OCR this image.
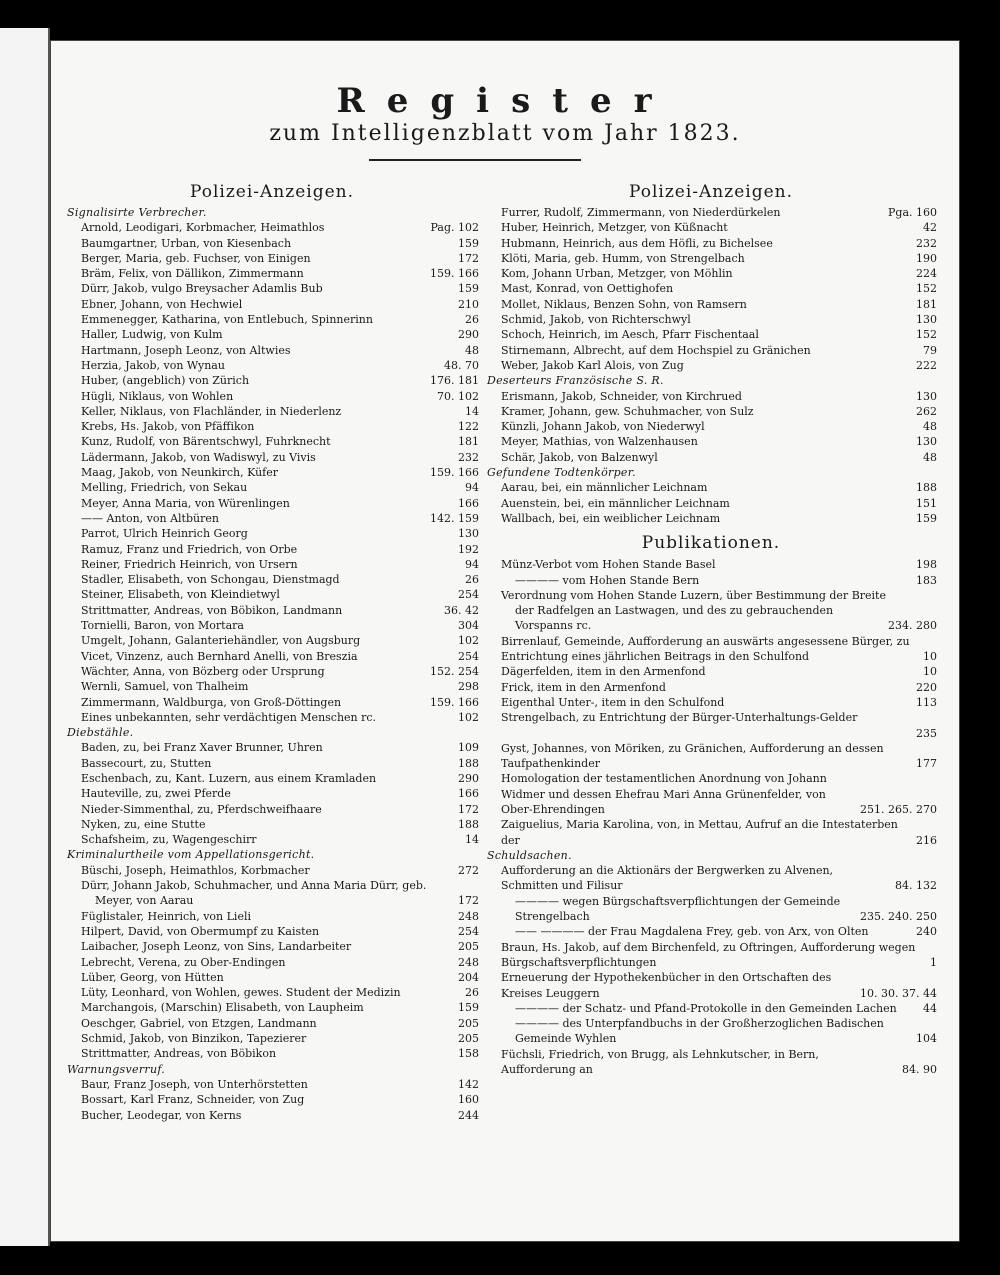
Register
zum Intelligenzblatt vom Jahr 1823.
Polizei-Anzeigen.
Signalisirte Verbrecher.
Arnold, Leodigari, Korbmacher, Heimathlos	Pag. 102
Baumgartner, Urban, von Kiesenbach	159
Berger, Maria, geb. Fuchser, von Einigen	172
Bräm, Felix, von Dällikon, Zimmermann	159. 166
Dürr, Jakob, vulgo Breysacher Adamlis Bub	159
Ebner, Johann, von Hechwiel	210
Emmenegger, Katharina, von Entlebuch, Spinnerinn	26
Haller, Ludwig, von Kulm	290
Hartmann, Joseph Leonz, von Altwies	48
Herzia, Jakob, von Wynau	48. 70
Huber, (angeblich) von Zürich	176. 181
Hügli, Niklaus, von Wohlen	70. 102
Keller, Niklaus, von Flachländer, in Niederlenz	14
Krebs, Hs. Jakob, von Pfäffikon	122
Kunz, Rudolf, von Bärentschwyl, Fuhrknecht	181
Lädermann, Jakob, von Wadiswyl, zu Vivis	232
Maag, Jakob, von Neunkirch, Küfer	159. 166
Melling, Friedrich, von Sekau	94
Meyer, Anna Maria, von Würenlingen	166
—— Anton, von Altbüren	142. 159
Parrot, Ulrich Heinrich Georg	130
Ramuz, Franz und Friedrich, von Orbe	192
Reiner, Friedrich Heinrich, von Ursern	94
Stadler, Elisabeth, von Schongau, Dienstmagd	26
Steiner, Elisabeth, von Kleindietwyl	254
Strittmatter, Andreas, von Böbikon, Landmann	36. 42
Tornielli, Baron, von Mortara	304
Umgelt, Johann, Galanteriehändler, von Augsburg	102
Vicet, Vinzenz, auch Bernhard Anelli, von Breszia	254
Wächter, Anna, von Bözberg oder Ursprung	152. 254
Wernli, Samuel, von Thalheim	298
Zimmermann, Waldburga, von Groß-Döttingen	159. 166
Eines unbekannten, sehr verdächtigen Menschen rc.	102
Diebstähle.
Baden, zu, bei Franz Xaver Brunner, Uhren	109
Bassecourt, zu, Stutten	188
Eschenbach, zu, Kant. Luzern, aus einem Kramladen	290
Hauteville, zu, zwei Pferde	166
Nieder-Simmenthal, zu, Pferdschweifhaare	172
Nyken, zu, eine Stutte	188
Schafsheim, zu, Wagengeschirr	14
Kriminalurtheile vom Appellationsgericht.
Büschi, Joseph, Heimathlos, Korbmacher	272
Dürr, Johann Jakob, Schuhmacher, und Anna Maria Dürr, geb.
Meyer, von Aarau	172
Füglistaler, Heinrich, von Lieli	248
Hilpert, David, von Obermumpf zu Kaisten	254
Laibacher, Joseph Leonz, von Sins, Landarbeiter	205
Lebrecht, Verena, zu Ober-Endingen	248
Lüber, Georg, von Hütten	204
Lüty, Leonhard, von Wohlen, gewes. Student der Medizin	26
Marchangois, (Marschin) Elisabeth, von Laupheim	159
Oeschger, Gabriel, von Etzgen, Landmann	205
Schmid, Jakob, von Binzikon, Tapezierer	205
Strittmatter, Andreas, von Böbikon	158
Warnungsverruf.
Baur, Franz Joseph, von Unterhörstetten	142
Bossart, Karl Franz, Schneider, von Zug	160
Bucher, Leodegar, von Kerns	244
Polizei-Anzeigen.
Furrer, Rudolf, Zimmermann, von Niederdürkelen	Pga. 160
Huber, Heinrich, Metzger, von Küßnacht	42
Hubmann, Heinrich, aus dem Höfli, zu Bichelsee	232
Klöti, Maria, geb. Humm, von Strengelbach	190
Kom, Johann Urban, Metzger, von Möhlin	224
Mast, Konrad, von Oettighofen	152
Mollet, Niklaus, Benzen Sohn, von Ramsern	181
Schmid, Jakob, von Richterschwyl	130
Schoch, Heinrich, im Aesch, Pfarr Fischentaal	152
Stirnemann, Albrecht, auf dem Hochspiel zu Gränichen	79
Weber, Jakob Karl Alois, von Zug	222
Deserteurs Französische S. R.
Erismann, Jakob, Schneider, von Kirchrued	130
Kramer, Johann, gew. Schuhmacher, von Sulz	262
Künzli, Johann Jakob, von Niederwyl	48
Meyer, Mathias, von Walzenhausen	130
Schär, Jakob, von Balzenwyl	48
Gefundene Todtenkörper.
Aarau, bei, ein männlicher Leichnam	188
Auenstein, bei, ein männlicher Leichnam	151
Wallbach, bei, ein weiblicher Leichnam	159
Publikationen.
Münz-Verbot vom Hohen Stande Basel	198
———— vom Hohen Stande Bern	183
Verordnung vom Hohen Stande Luzern, über Bestimmung der Breite
der Radfelgen an Lastwagen, und des zu gebrauchenden Vorspanns rc.	234. 280
Birrenlauf, Gemeinde, Aufforderung an auswärts angesessene Bürger, zu Entrichtung eines jährlichen Beitrags in den Schulfond	10
Dägerfelden, item in den Armenfond	10
Frick, item in den Armenfond	220
Eigenthal Unter-, item in den Schulfond	113
Strengelbach, zu Entrichtung der Bürger-Unterhaltungs-Gelder
235
Gyst, Johannes, von Möriken, zu Gränichen, Aufforderung an dessen Taufpathenkinder	177
Homologation der testamentlichen Anordnung von Johann Widmer und dessen Ehefrau Mari Anna Grünenfelder, von Ober-Ehrendingen	251. 265. 270
Zaiguelius, Maria Karolina, von, in Mettau, Aufruf an die Intestaterben der	216
Schuldsachen.
Aufforderung an die Aktionärs der Bergwerken zu Alvenen, Schmitten und Filisur	84. 132
———— wegen Bürgschaftsverpflichtungen der Gemeinde Strengelbach	235. 240. 250
—— ———— der Frau Magdalena Frey, geb. von Arx, von Olten	240
Braun, Hs. Jakob, auf dem Birchenfeld, zu Oftringen, Aufforderung wegen Bürgschaftsverpflichtungen	1
Erneuerung der Hypothekenbücher in den Ortschaften des Kreises Leuggern	10. 30. 37. 44
———— der Schatz- und Pfand-Protokolle in den Gemeinden Lachen	44
———— des Unterpfandbuchs in der Großherzoglichen Badischen Gemeinde Wyhlen	104
Füchsli, Friedrich, von Brugg, als Lehnkutscher, in Bern, Aufforderung an	84. 90
